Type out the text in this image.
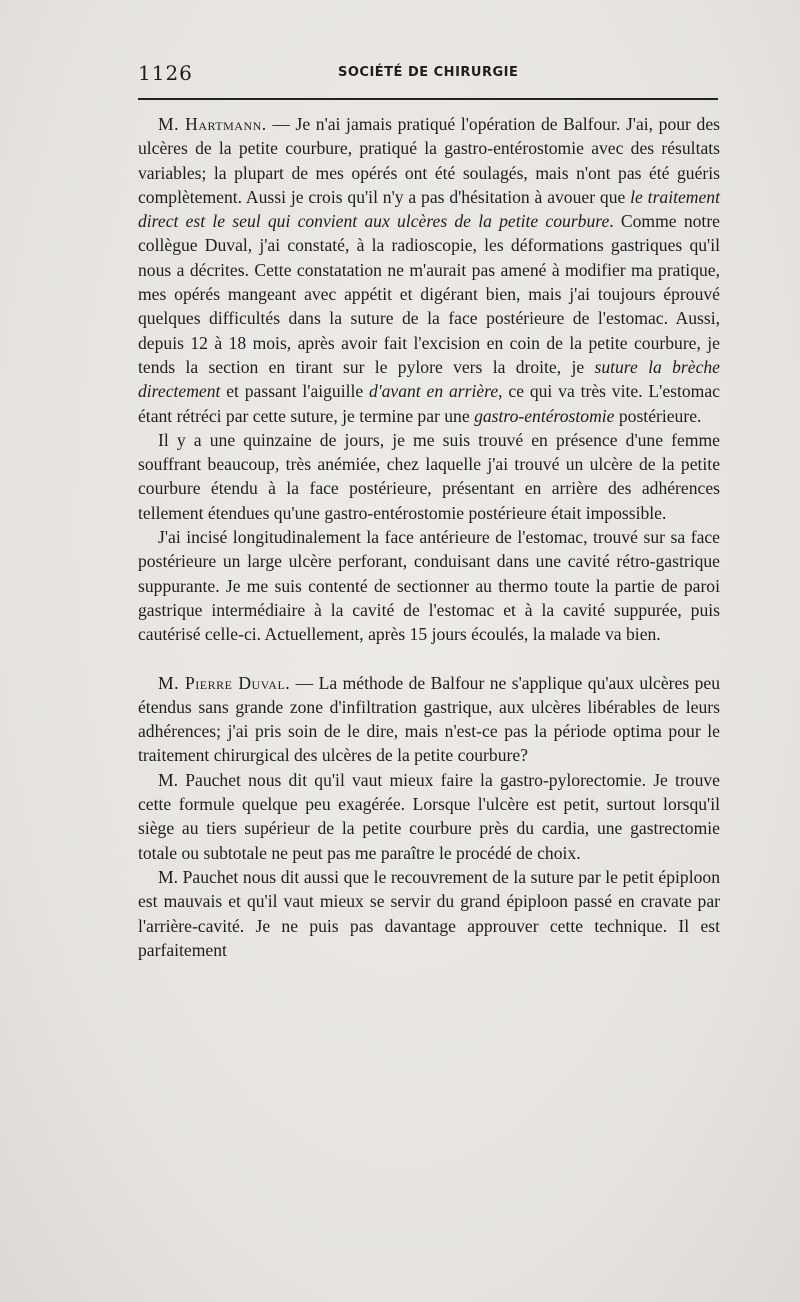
1126	SOCIÉTÉ DE CHIRURGIE

M. Hartmann. — Je n'ai jamais pratiqué l'opération de Balfour. J'ai, pour des ulcères de la petite courbure, pratiqué la gastro-entérostomie avec des résultats variables; la plupart de mes opérés ont été soulagés, mais n'ont pas été guéris complètement. Aussi je crois qu'il n'y a pas d'hésitation à avouer que le traitement direct est le seul qui convient aux ulcères de la petite courbure. Comme notre collègue Duval, j'ai constaté, à la radioscopie, les déformations gastriques qu'il nous a décrites. Cette constatation ne m'aurait pas amené à modifier ma pratique, mes opérés mangeant avec appétit et digérant bien, mais j'ai toujours éprouvé quelques difficultés dans la suture de la face postérieure de l'estomac. Aussi, depuis 12 à 18 mois, après avoir fait l'excision en coin de la petite courbure, je tends la section en tirant sur le pylore vers la droite, je suture la brèche directement et passant l'aiguille d'avant en arrière, ce qui va très vite. L'estomac étant rétréci par cette suture, je termine par une gastro-entérostomie postérieure.

Il y a une quinzaine de jours, je me suis trouvé en présence d'une femme souffrant beaucoup, très anémiée, chez laquelle j'ai trouvé un ulcère de la petite courbure étendu à la face postérieure, présentant en arrière des adhérences tellement étendues qu'une gastro-entérostomie postérieure était impossible.

J'ai incisé longitudinalement la face antérieure de l'estomac, trouvé sur sa face postérieure un large ulcère perforant, conduisant dans une cavité rétro-gastrique suppurante. Je me suis contenté de sectionner au thermo toute la partie de paroi gastrique intermédiaire à la cavité de l'estomac et à la cavité suppurée, puis cautérisé celle-ci. Actuellement, après 15 jours écoulés, la malade va bien.

M. Pierre Duval. — La méthode de Balfour ne s'applique qu'aux ulcères peu étendus sans grande zone d'infiltration gastrique, aux ulcères libérables de leurs adhérences; j'ai pris soin de le dire, mais n'est-ce pas la période optima pour le traitement chirurgical des ulcères de la petite courbure?

M. Pauchet nous dit qu'il vaut mieux faire la gastro-pylorectomie. Je trouve cette formule quelque peu exagérée. Lorsque l'ulcère est petit, surtout lorsqu'il siège au tiers supérieur de la petite courbure près du cardia, une gastrectomie totale ou subtotale ne peut pas me paraître le procédé de choix.

M. Pauchet nous dit aussi que le recouvrement de la suture par le petit épiploon est mauvais et qu'il vaut mieux se servir du grand épiploon passé en cravate par l'arrière-cavité. Je ne puis pas davantage approuver cette technique. Il est parfaitement
